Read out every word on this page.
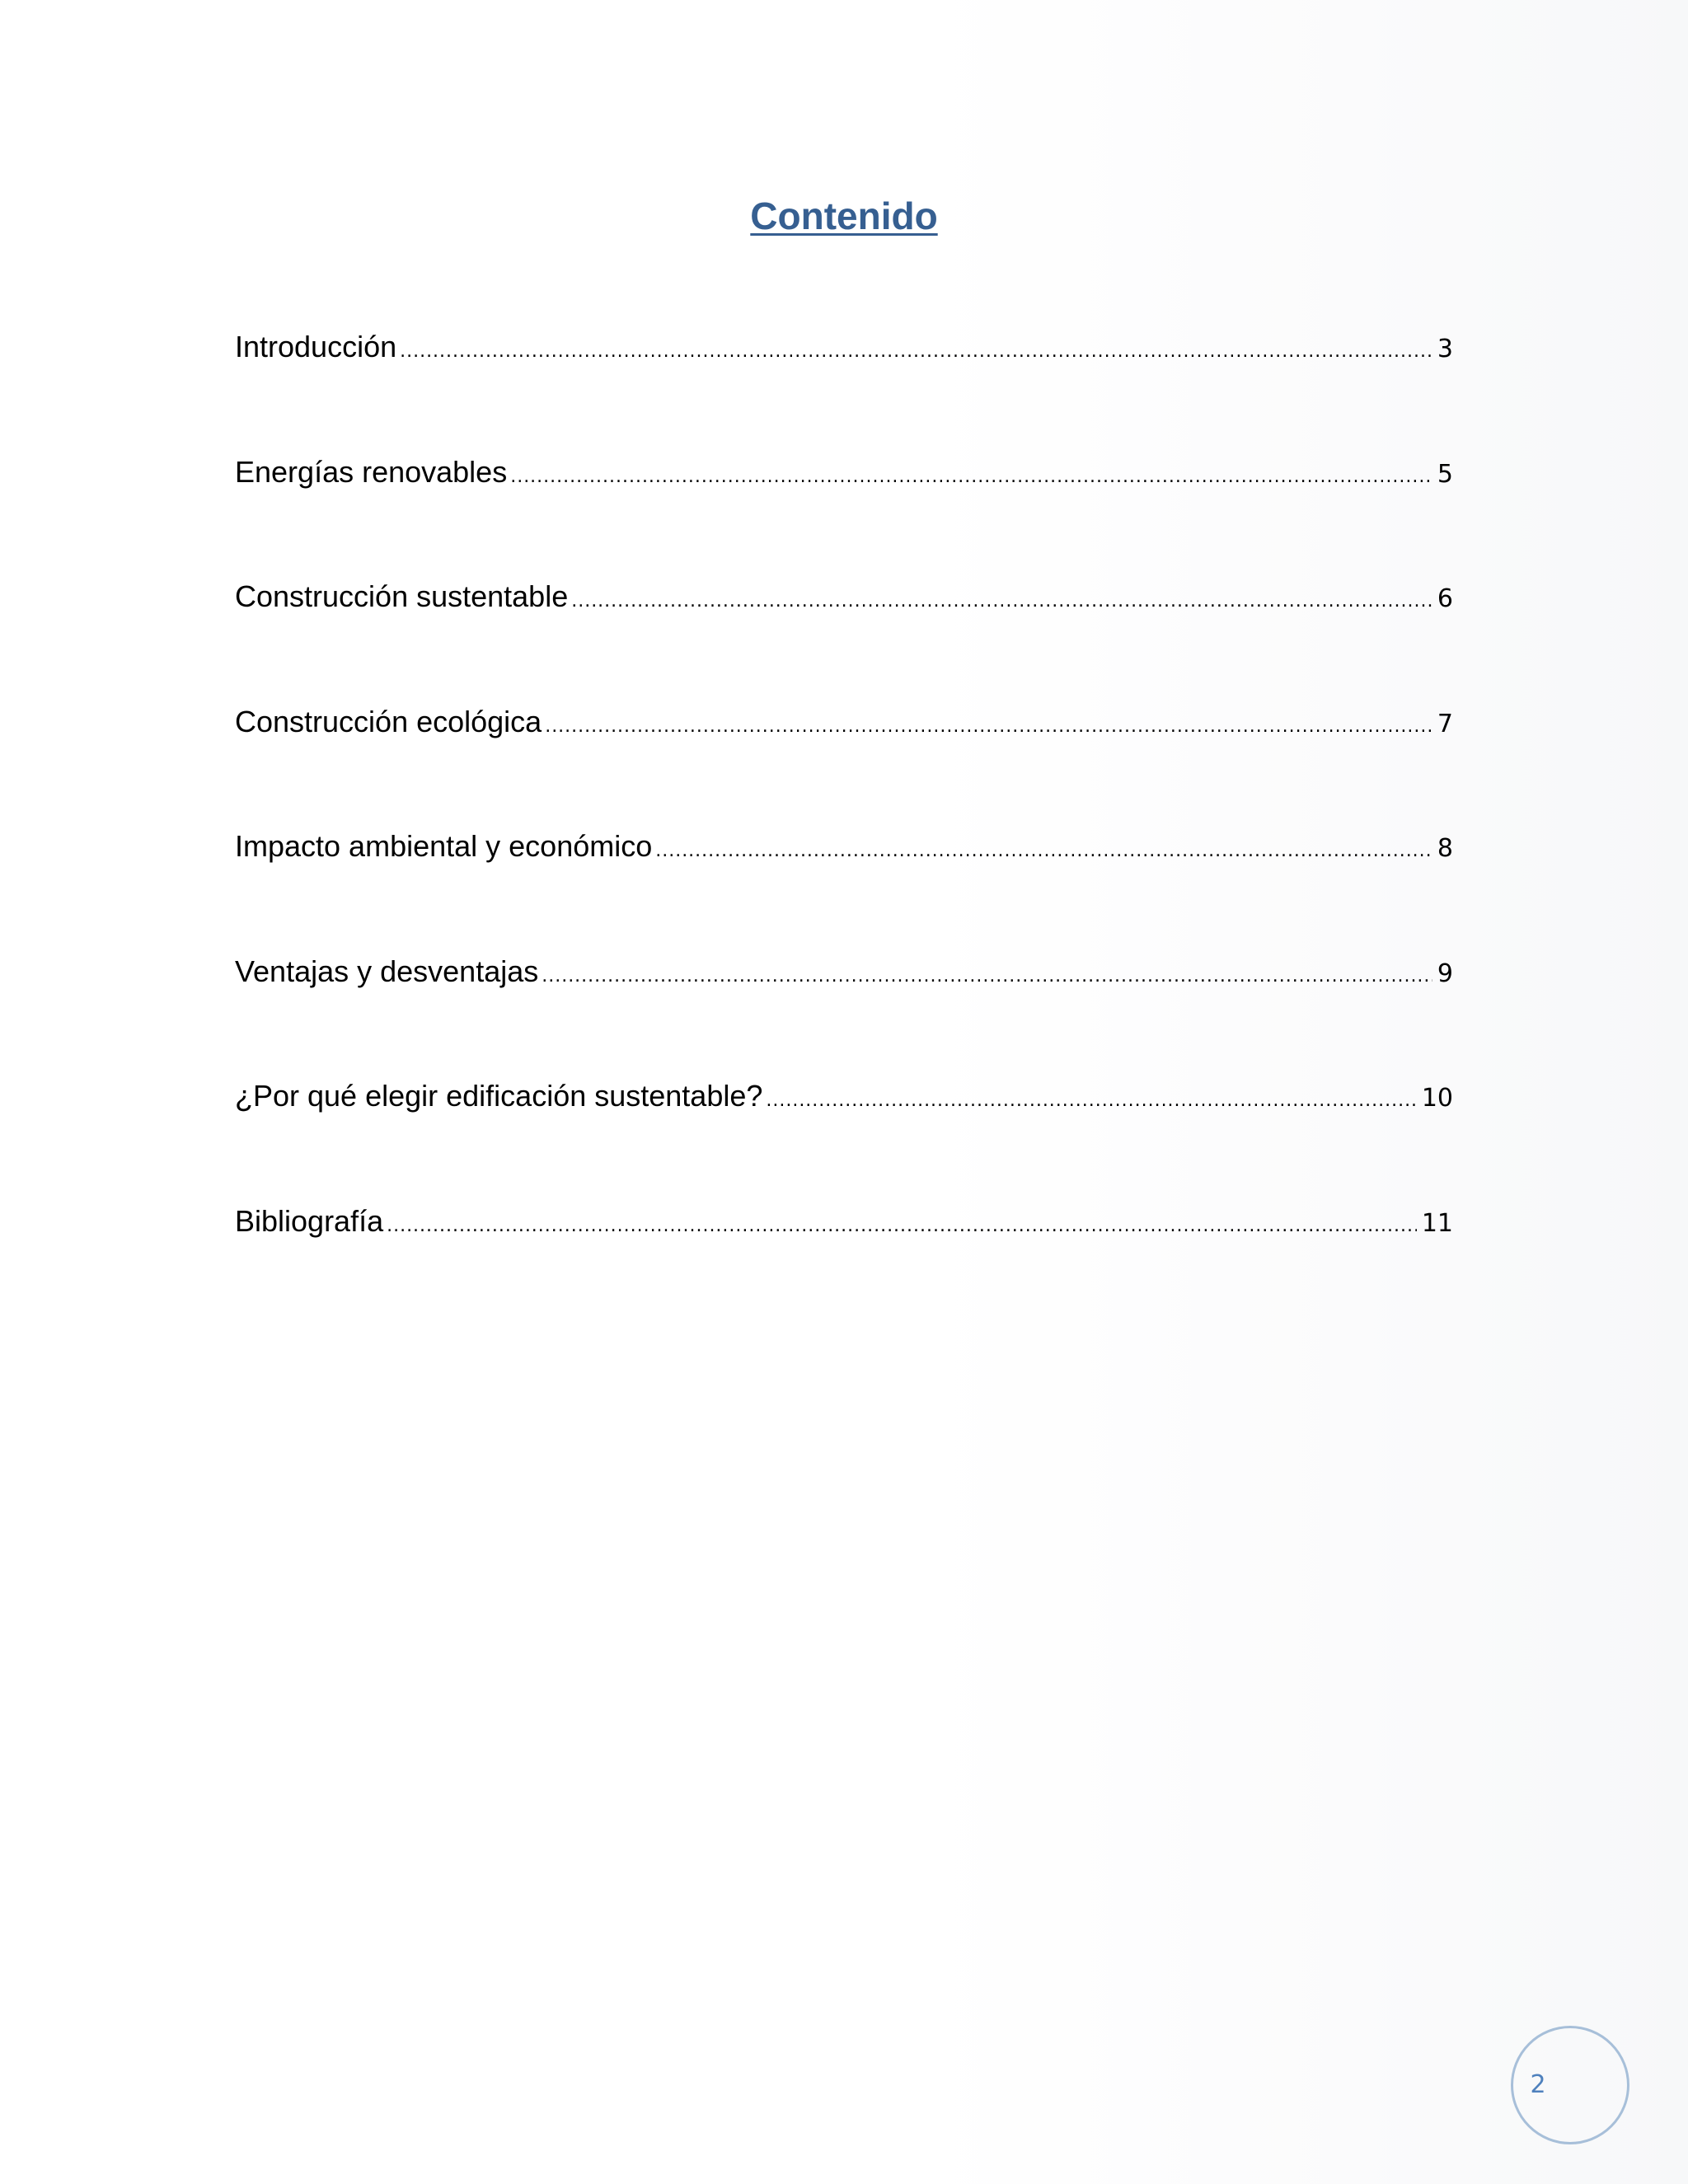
Contenido
Introducción . . .	3
Energías renovables . . .	5
Construcción sustentable . . .	6
Construcción ecológica . . .	7
Impacto ambiental y económico . . .	8
Ventajas y desventajas . . .	9
¿Por qué elegir edificación sustentable? . . .	10
Bibliografía . . .	11
2
